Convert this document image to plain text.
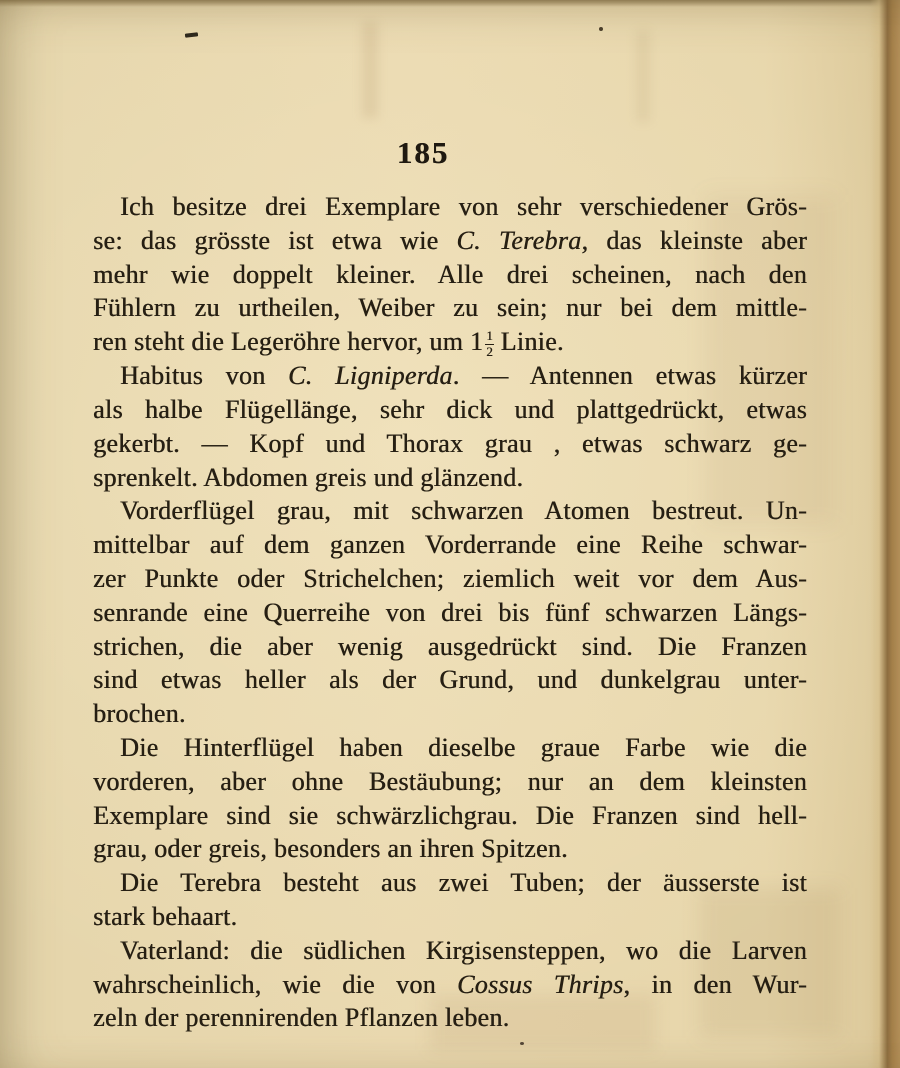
185
Ich besitze drei Exemplare von sehr verschiedener Grös-
se: das grösste ist etwa wie C. Terebra, das kleinste aber
mehr wie doppelt kleiner. Alle drei scheinen, nach den
Fühlern zu urtheilen, Weiber zu sein; nur bei dem mittle-
ren steht die Legeröhre hervor, um $1 \frac{1}{2}$ Linie.
Habitus von C. Ligniperda. — Antennen etwas kürzer
als halbe Flügellänge, sehr dick und plattgedrückt, etwas
gekerbt. — Kopf und Thorax grau , etwas schwarz ge-
sprenkelt. Abdomen greis und glänzend.
Vorderflügel grau, mit schwarzen Atomen bestreut. Un-
mittelbar auf dem ganzen Vorderrande eine Reihe schwar-
zer Punkte oder Strichelchen; ziemlich weit vor dem Aus-
senrande eine Querreihe von drei bis fünf schwarzen Längs-
strichen, die aber wenig ausgedrückt sind. Die Franzen
sind etwas heller als der Grund, und dunkelgrau unter-
brochen.
Die Hinterflügel haben dieselbe graue Farbe wie die
vorderen, aber ohne Bestäubung; nur an dem kleinsten
Exemplare sind sie schwärzlichgrau. Die Franzen sind hell-
grau, oder greis, besonders an ihren Spitzen.
Die Terebra besteht aus zwei Tuben; der äusserste ist
stark behaart.
Vaterland: die südlichen Kirgisensteppen, wo die Larven
wahrscheinlich, wie die von Cossus Thrips, in den Wur-
zeln der perennirenden Pflanzen leben.
